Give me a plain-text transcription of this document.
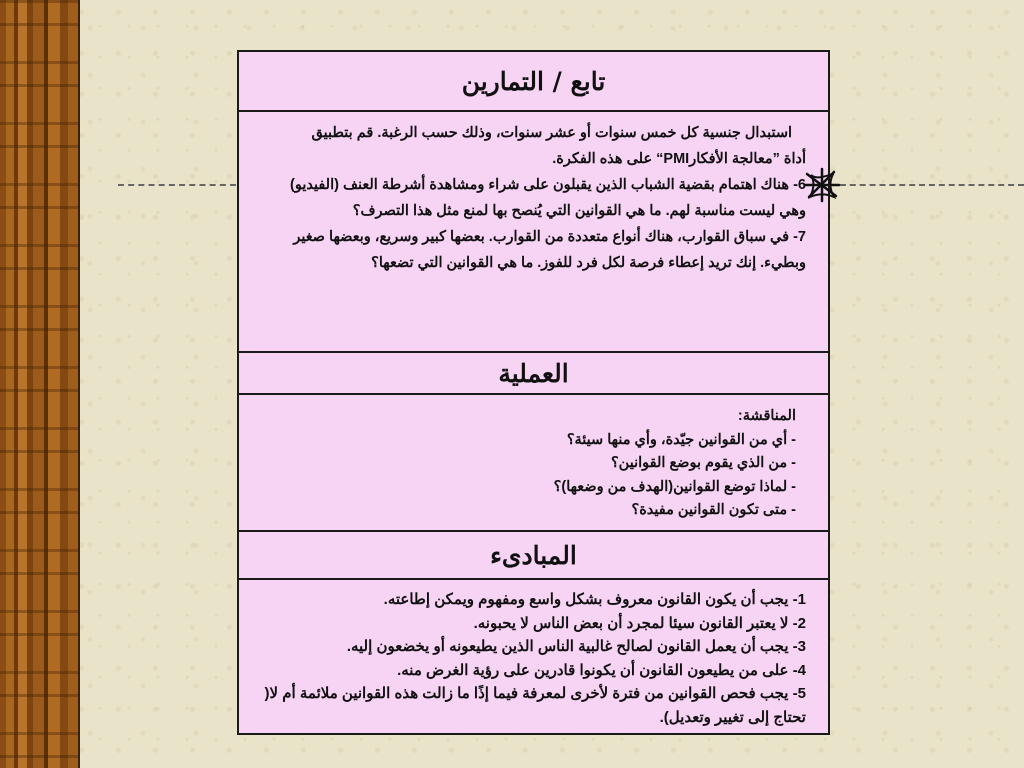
تابع / التمارين

استبدال جنسية كل خمس سنوات أو عشر سنوات، وذلك حسب الرغبة. قم بتطبيق أداة ”معالجة الأفكارPMI“ على هذه الفكرة.

6- هناك اهتمام بقضية الشباب الذين يقبلون على شراء ومشاهدة أشرطة العنف (الفيديو) وهي ليست مناسبة لهم. ما هي القوانين التي يُنصح بها لمنع مثل هذا التصرف؟

7- في سباق القوارب، هناك أنواع متعددة من القوارب. بعضها كبير وسريع، وبعضها صغير وبطيء. إنك تريد إعطاء فرصة لكل فرد للفوز. ما هي القوانين التي تضعها؟

العملية

المناقشة:

- أي من القوانين جيّدة، وأي منها سيئة؟

- من الذي يقوم بوضع القوانين؟

- لماذا توضع القوانين(الهدف من وضعها)؟

- متى تكون القوانين مفيدة؟

المبادىء

1- يجب أن يكون القانون معروف بشكل واسع ومفهوم ويمكن إطاعته.

2- لا يعتبر القانون سيئا لمجرد أن بعض الناس لا يحبونه.

3- يجب أن يعمل القانون لصالح غالبية الناس الذين يطيعونه أو يخضعون إليه.

4- على من يطيعون القانون أن يكونوا قادرين على رؤية الغرض منه.

5- يجب فحص القوانين من فترة لأخرى لمعرفة فيما إذًا ما زالت هذه القوانين ملائمة أم لا( تحتاج إلى تغيير وتعديل).
